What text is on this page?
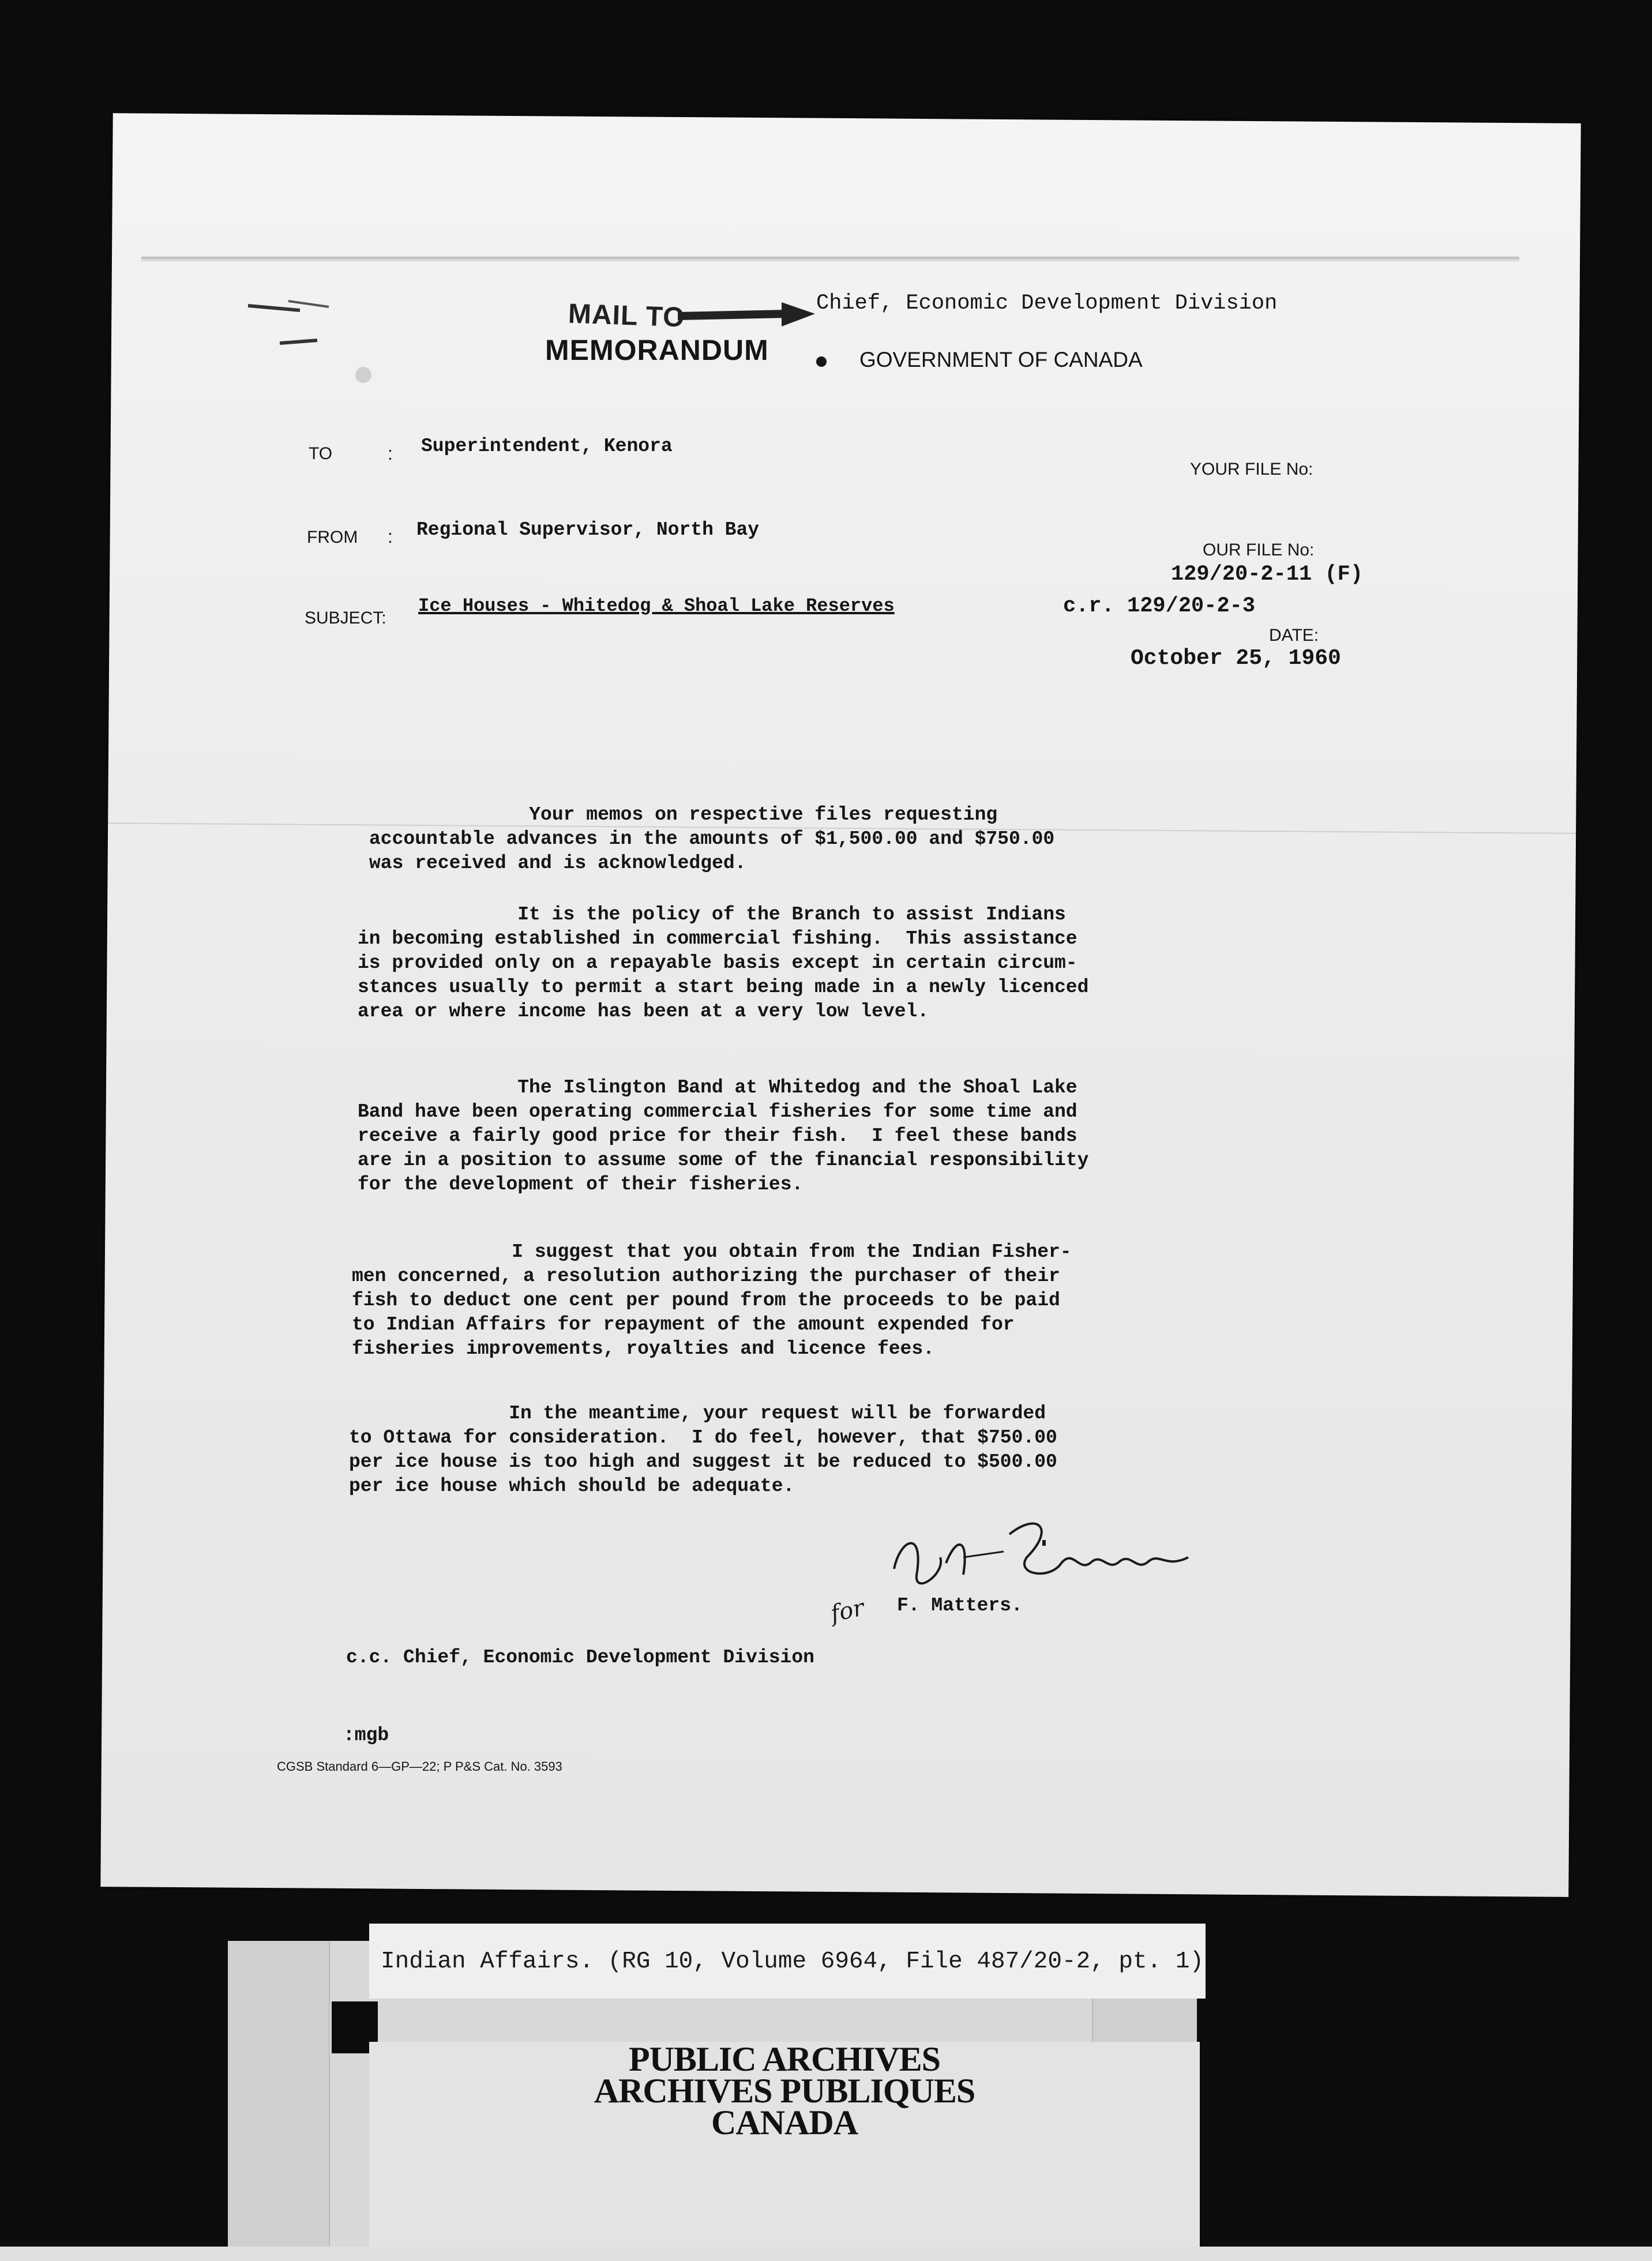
MAIL TO	Chief, Economic Development Division
MEMORANDUM	GOVERNMENT OF CANADA
TO	: Superintendent, Kenora
YOUR FILE No:
FROM : Regional Supervisor, North Bay
OUR FILE No:
129/20-2-11 (F)
SUBJECT:
Ice Houses - Whitedog & Shoal Lake Reserves	c.r. 129/20-2-3
DATE:
October 25, 1960

Your memos on respective files requesting

accountable advances in the amounts of $1,500.00 and $750.00

was received and is acknowledged.

It is the policy of the Branch to assist Indians

in becoming established in commercial fishing.  This assistance

is provided only on a repayable basis except in certain circum-

stances usually to permit a start being made in a newly licenced

area or where income has been at a very low level.

The Islington Band at Whitedog and the Shoal Lake

Band have been operating commercial fisheries for some time and

receive a fairly good price for their fish.  I feel these bands

are in a position to assume some of the financial responsibility

for the development of their fisheries.

I suggest that you obtain from the Indian Fisher-

men concerned, a resolution authorizing the purchaser of their

fish to deduct one cent per pound from the proceeds to be paid

to Indian Affairs for repayment of the amount expended for

fisheries improvements, royalties and licence fees.

In the meantime, your request will be forwarded

to Ottawa for consideration.  I do feel, however, that $750.00

per ice house is too high and suggest it be reduced to $500.00

per ice house which should be adequate.

for F. Matters.
c.c. Chief, Economic Development Division
:mgb
CGSB Standard 6—GP—22; P P&S Cat. No. 3593
Indian Affairs. (RG 10, Volume 6964, File 487/20-2, pt. 1)
PUBLIC ARCHIVES
ARCHIVES PUBLIQUES
CANADA
